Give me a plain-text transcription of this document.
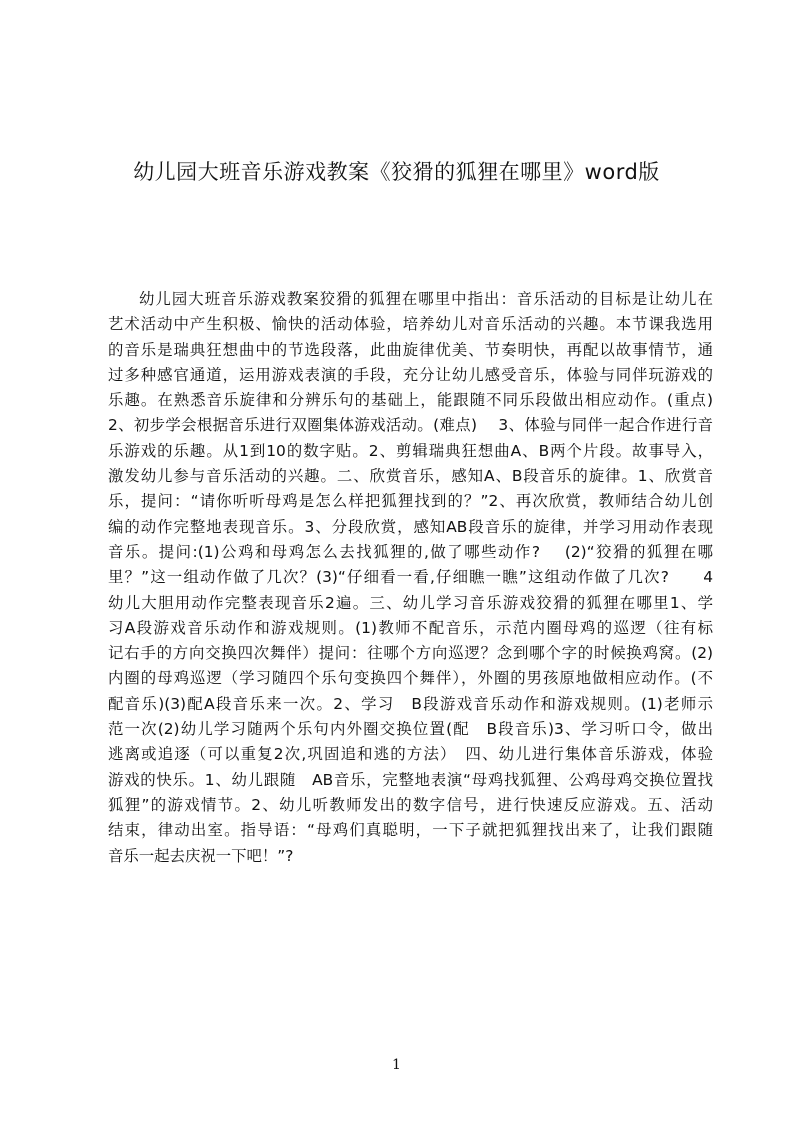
幼儿园大班音乐游戏教案《狡猾的狐狸在哪里》word版
幼儿园大班音乐游戏教案狡猾的狐狸在哪里中指出：音乐活动的目标是让幼儿在
艺术活动中产生积极、愉快的活动体验，培养幼儿对音乐活动的兴趣。本节课我选用
的音乐是瑞典狂想曲中的节选段落，此曲旋律优美、节奏明快，再配以故事情节，通
过多种感官通道，运用游戏表演的手段，充分让幼儿感受音乐，体验与同伴玩游戏的
乐趣。在熟悉音乐旋律和分辨乐句的基础上，能跟随不同乐段做出相应动作。(重点)
2、初步学会根据音乐进行双圈集体游戏活动。(难点)　 3、体验与同伴一起合作进行音
乐游戏的乐趣。从1到10的数字贴。2、剪辑瑞典狂想曲A、B两个片段。故事导入，
激发幼儿参与音乐活动的兴趣。二、欣赏音乐，感知A、B段音乐的旋律。1、欣赏音
乐，提问：“请你听听母鸡是怎么样把狐狸找到的？”2、再次欣赏，教师结合幼儿创
编的动作完整地表现音乐。3、分段欣赏，感知AB段音乐的旋律，并学习用动作表现
音乐。提问:(1)公鸡和母鸡怎么去找狐狸的,做了哪些动作?　 (2)“狡猾的狐狸在哪
里？”这一组动作做了几次？(3)“仔细看一看,仔细瞧一瞧”这组动作做了几次?　　4
幼儿大胆用动作完整表现音乐2遍。三、幼儿学习音乐游戏狡猾的狐狸在哪里1、学
习A段游戏音乐动作和游戏规则。(1)教师不配音乐，示范内圈母鸡的巡逻（往有标
记右手的方向交换四次舞伴）提问：往哪个方向巡逻？念到哪个字的时候换鸡窝。(2)
内圈的母鸡巡逻（学习随四个乐句变换四个舞伴），外圈的男孩原地做相应动作。(不
配音乐)(3)配A段音乐来一次。2、学习　B段游戏音乐动作和游戏规则。(1)老师示
范一次(2)幼儿学习随两个乐句内外圈交换位置(配　B段音乐)3、学习听口令，做出
逃离或追逐（可以重复2次,巩固追和逃的方法）　四、幼儿进行集体音乐游戏，体验
游戏的快乐。1、幼儿跟随　AB音乐，完整地表演“母鸡找狐狸、公鸡母鸡交换位置找
狐狸”的游戏情节。2、幼儿听教师发出的数字信号，进行快速反应游戏。五、活动
结束，律动出室。指导语：“母鸡们真聪明，一下子就把狐狸找出来了，让我们跟随
音乐一起去庆祝一下吧！”?
1
